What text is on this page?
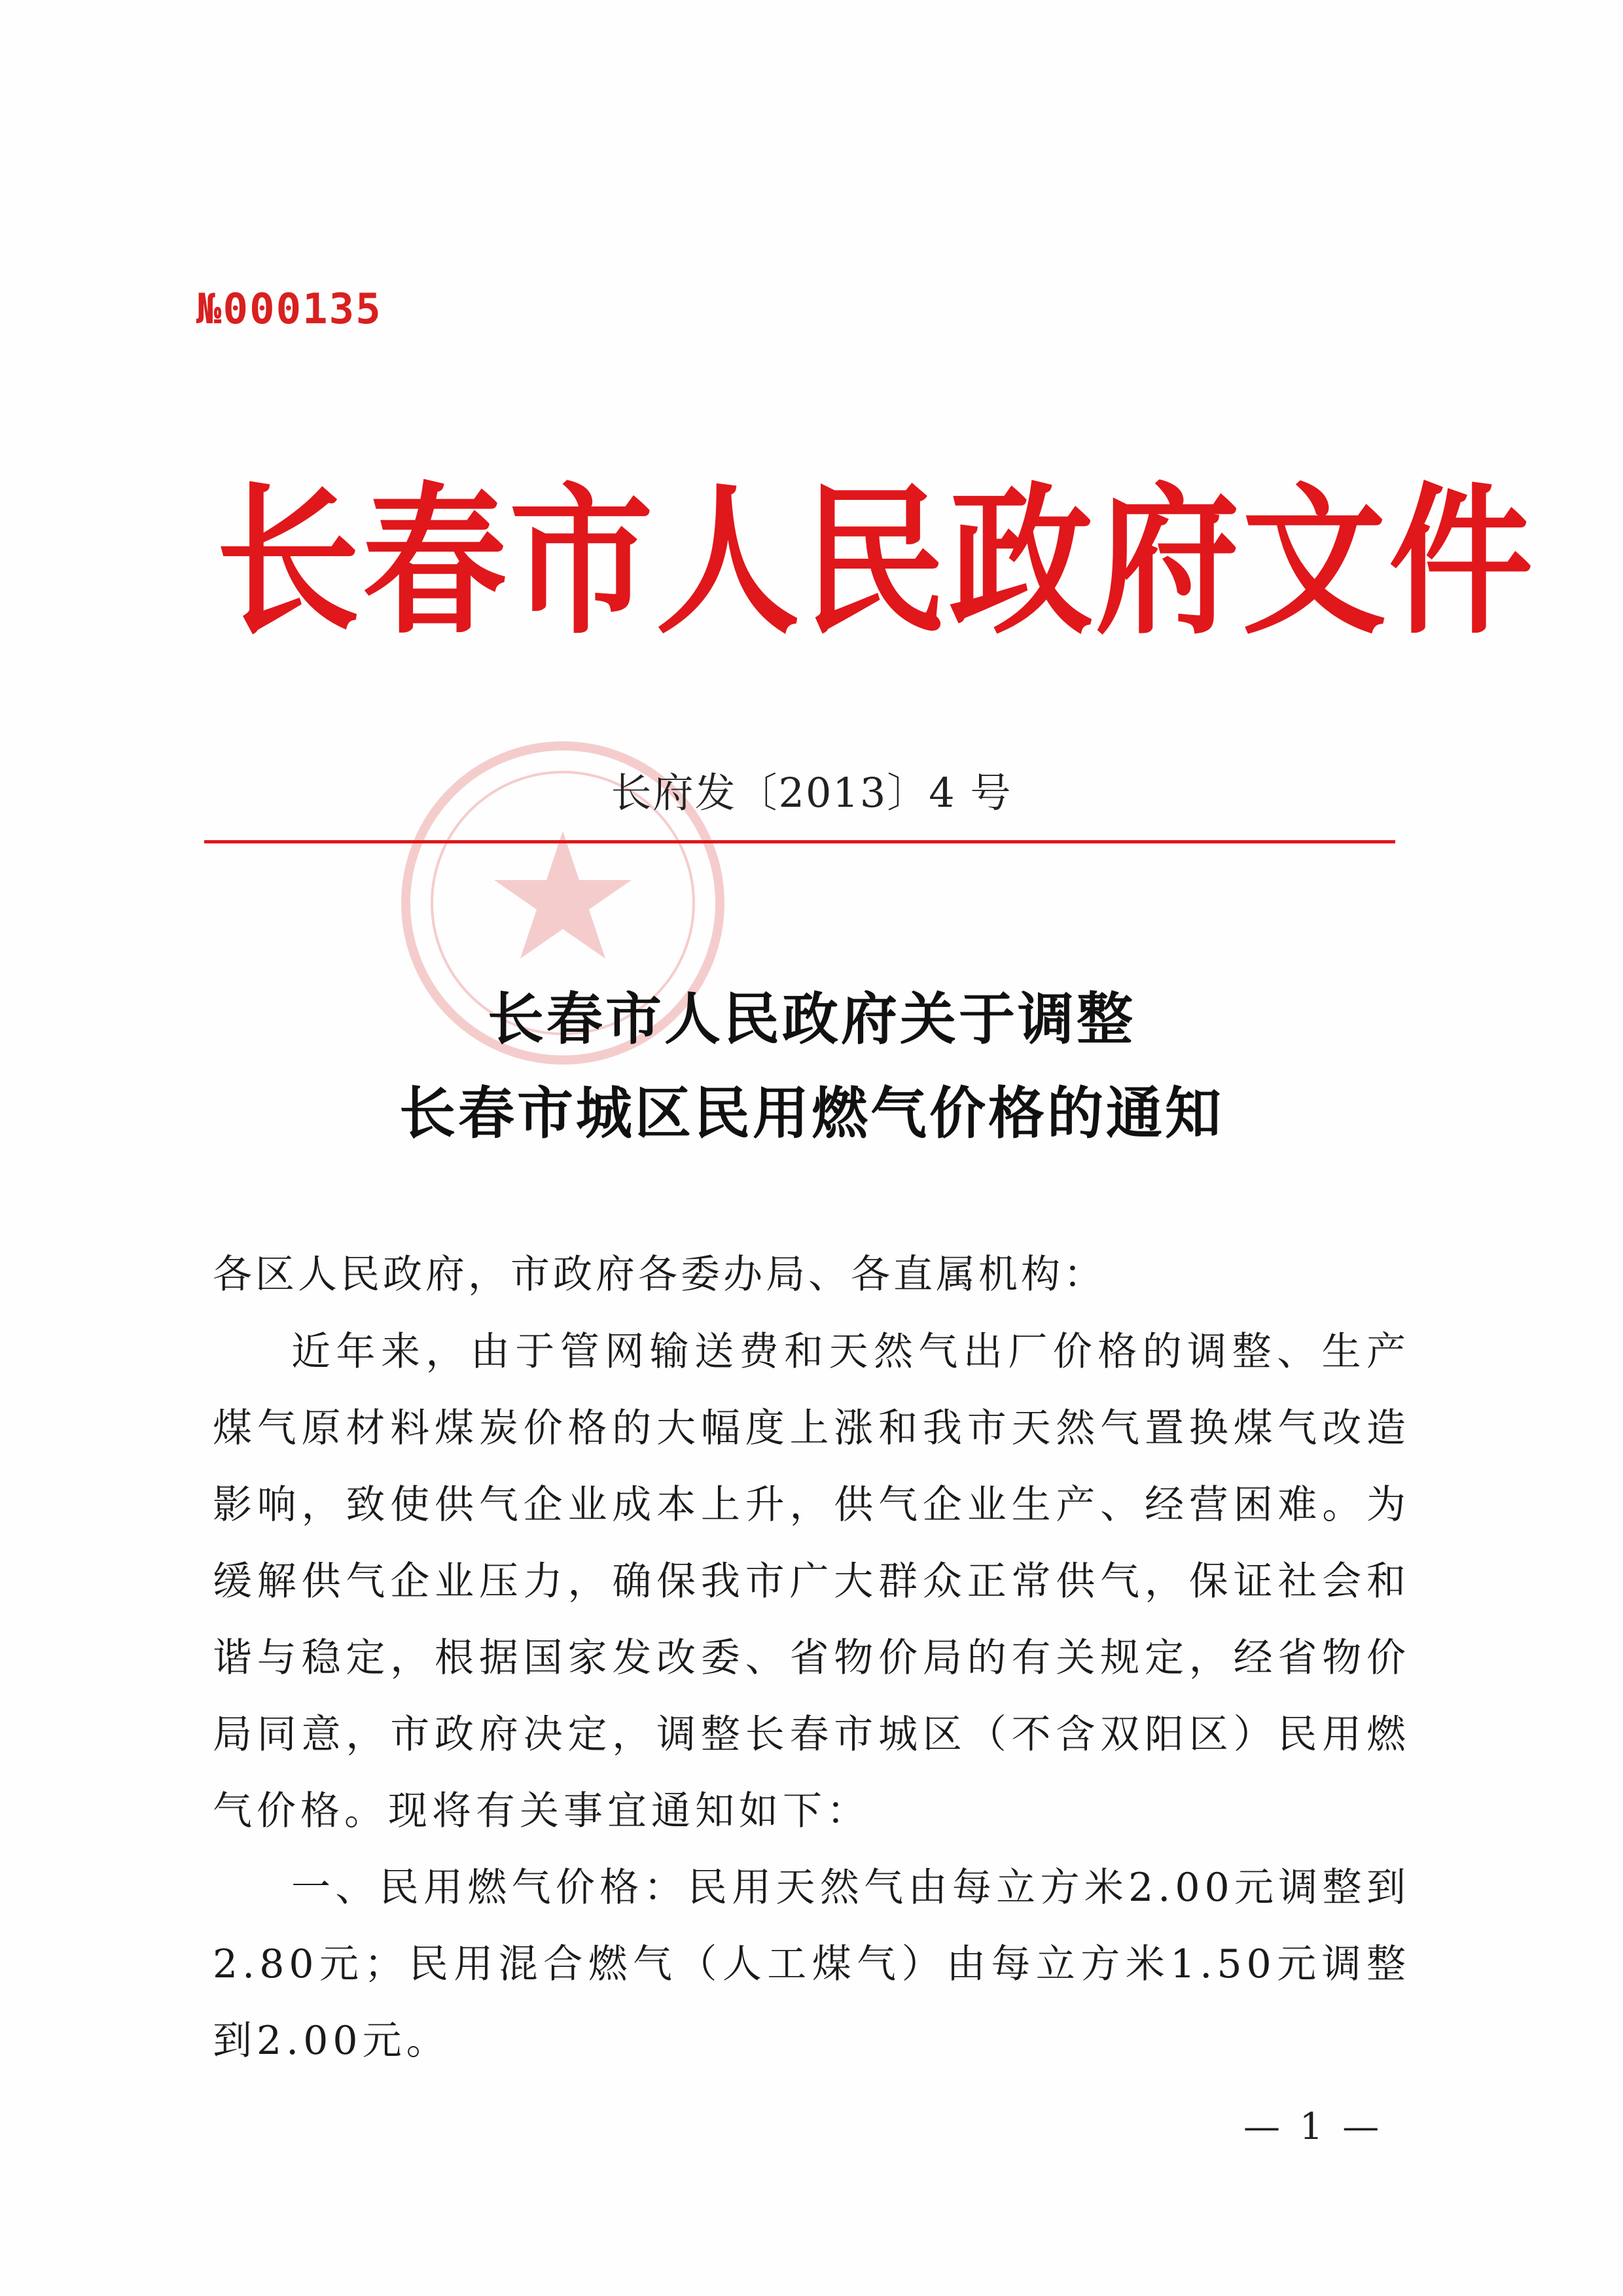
№000135
长春市人民政府文件
长府发〔2013〕4 号
长春市人民政府关于调整
长春市城区民用燃气价格的通知
各区人民政府，市政府各委办局、各直属机构：

近年来，由于管网输送费和天然气出厂价格的调整、生产煤气原材料煤炭价格的大幅度上涨和我市天然气置换煤气改造影响，致使供气企业成本上升，供气企业生产、经营困难。为缓解供气企业压力，确保我市广大群众正常供气，保证社会和谐与稳定，根据国家发改委、省物价局的有关规定，经省物价局同意，市政府决定，调整长春市城区（不含双阳区）民用燃气价格。现将有关事宜通知如下：

一、民用燃气价格：民用天然气由每立方米2.00元调整到2.80元；民用混合燃气（人工煤气）由每立方米1.50元调整到2.00元。

— 1 —
